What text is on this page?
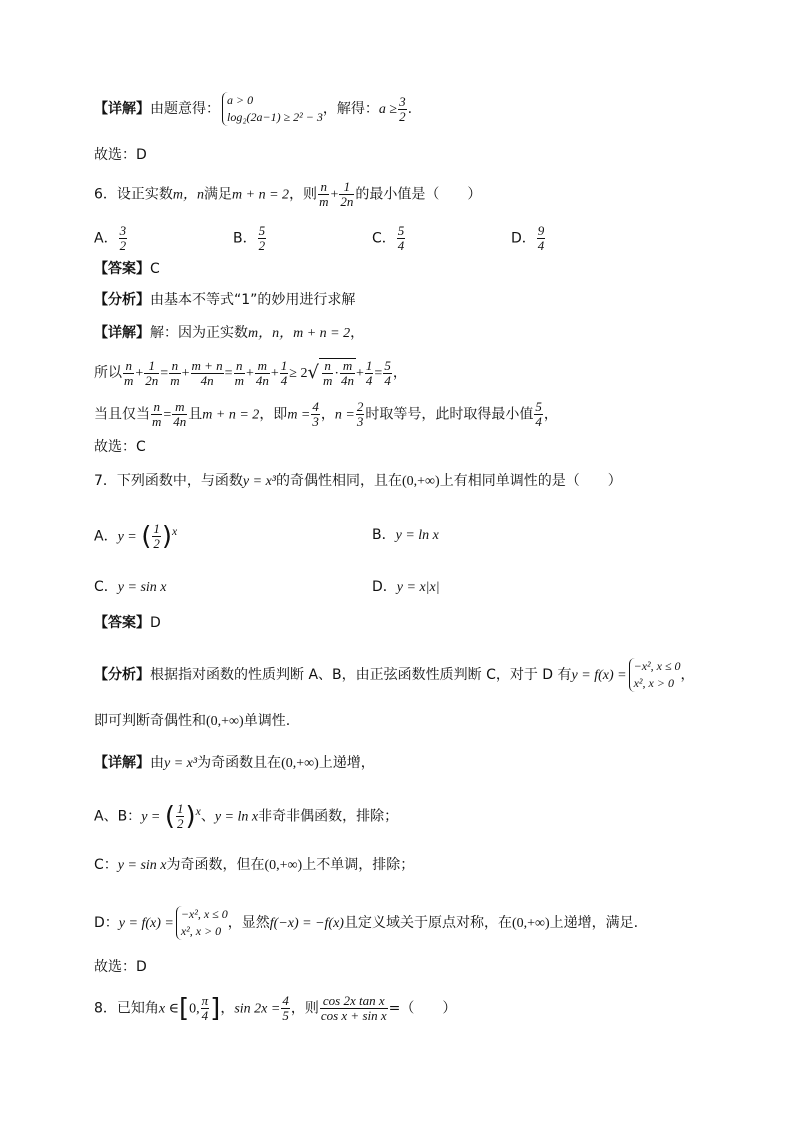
【详解】由题意得：
a > 0
log₂(2a−1) ≥ 2² − 3 ，解得：$a \ge \frac{3}{2}$ .
故选：D
6．设正实数m，n满足m + n = 2，则 $\frac{n}{m} + \frac{1}{2n}$ 的最小值是（　　）
A． $\frac{3}{2}$	B． $\frac{5}{2}$	C． $\frac{5}{4}$	D． $\frac{9}{4}$
【答案】C
【分析】由基本不等式“1”的妙用进行求解
【详解】解：因为正实数m，n，m + n = 2，
所以 $\frac{n}{m} + \frac{1}{2n} = \frac{n}{m} + \frac{m + n}{4n} = \frac{n}{m} + \frac{m}{4n} + \frac{1}{4} \ge 2√ \frac{n}{m} \cdot \frac{m}{4n} + \frac{1}{4} = \frac{5}{4}$ ，
当且仅当 $\frac{n}{m} = \frac{m}{4n}$ 且m + n = 2，即$m = \frac{4}{3}$ ，$n = \frac{2}{3}$ 时取等号，此时取得最小值 $\frac{5}{4}$ ，
故选：C
7．下列函数中，与函数y = x³的奇偶性相同，且在(0,+∞)上有相同单调性的是（　　）
A．y = ( $\frac{1}{2} )^x$	B．y = ln x
C．y = sin x	D．y = x|x|
【答案】D
【分析】根据指对函数的性质判断 A、B，由正弦函数性质判断 C，对于 D 有y = f(x) =
−x², x ≤ 0
x², x > 0 ，
即可判断奇偶性和(0,+∞)单调性.
【详解】由y = x³为奇函数且在(0,+∞)上递增，
A、B：y = ( $\frac{1}{2} )^x$、y = ln x非奇非偶函数，排除；
C：y = sin x为奇函数，但在(0,+∞)上不单调，排除；
D：y = f(x) =
−x², x ≤ 0
x², x > 0 ，显然f(−x) = −f(x)且定义域关于原点对称，在(0,+∞)上递增，满足.
故选：D
8．已知角x ∈[0, $\frac{\pi}{4}$ ]，$\sin 2x = \frac{4}{5}$ ，则 $\frac{\text{cos 2x tan x}}{\text{cos x + sin x}}$ =（　　）
